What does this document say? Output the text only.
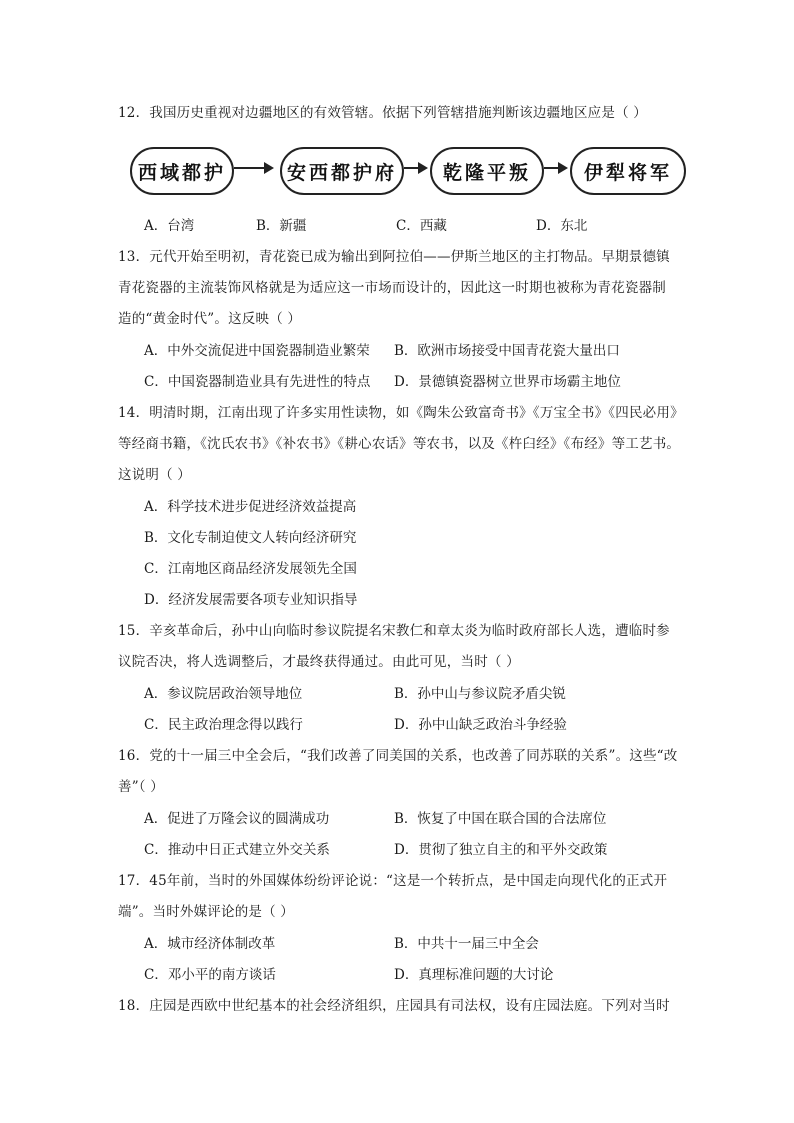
12．我国历史重视对边疆地区的有效管辖。依据下列管辖措施判断该边疆地区应是（ ）
西域都护	安西都护府	乾隆平叛	伊犁将军
A．台湾	B．新疆	C．西藏	D．东北
13．元代开始至明初，青花瓷已成为输出到阿拉伯——伊斯兰地区的主打物品。早期景德镇
青花瓷器的主流装饰风格就是为适应这一市场而设计的，因此这一时期也被称为青花瓷器制
造的“黄金时代”。这反映（ ）
A．中外交流促进中国瓷器制造业繁荣 B．欧洲市场接受中国青花瓷大量出口
C．中国瓷器制造业具有先进性的特点 D．景德镇瓷器树立世界市场霸主地位
14．明清时期，江南出现了许多实用性读物，如《陶朱公致富奇书》《万宝全书》《四民必用》
等经商书籍，《沈氏农书》《补农书》《耕心农话》等农书，以及《杵臼经》《布经》等工艺书。
这说明（ ）
A．科学技术进步促进经济效益提高
B．文化专制迫使文人转向经济研究
C．江南地区商品经济发展领先全国
D．经济发展需要各项专业知识指导
15．辛亥革命后，孙中山向临时参议院提名宋教仁和章太炎为临时政府部长人选，遭临时参
议院否决，将人选调整后，才最终获得通过。由此可见，当时（ ）
A．参议院居政治领导地位	B．孙中山与参议院矛盾尖锐
C．民主政治理念得以践行	D．孙中山缺乏政治斗争经验
16．党的十一届三中全会后，“我们改善了同美国的关系，也改善了同苏联的关系”。这些“改
善”（ ）
A．促进了万隆会议的圆满成功	B．恢复了中国在联合国的合法席位
C．推动中日正式建立外交关系	D．贯彻了独立自主的和平外交政策
17．45年前，当时的外国媒体纷纷评论说：“这是一个转折点，是中国走向现代化的正式开
端”。当时外媒评论的是（ ）
A．城市经济体制改革	B．中共十一届三中全会
C．邓小平的南方谈话	D．真理标准问题的大讨论
18．庄园是西欧中世纪基本的社会经济组织，庄园具有司法权，设有庄园法庭。下列对当时
